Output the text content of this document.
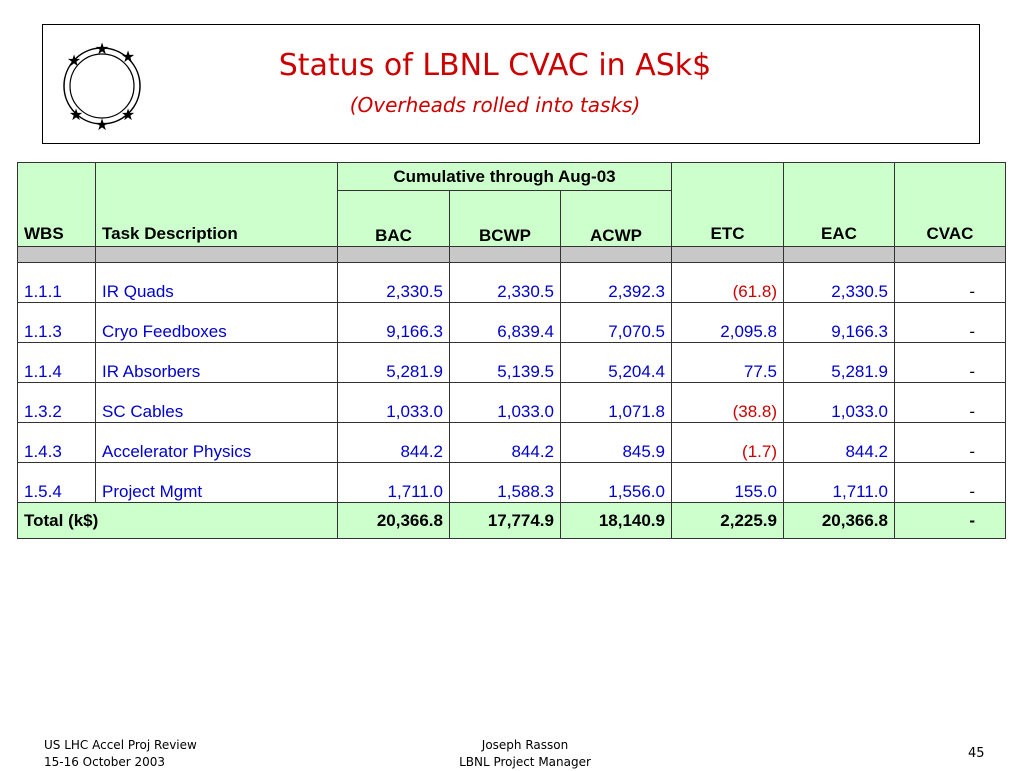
★
★ ★
★
★
★
Status of LBNL CVAC in ASk$
(Overheads rolled into tasks)
WBS	Task Description	Cumulative through Aug-03			ETC	EAC	CVAC
		BAC	BCWP	ACWP			

1.1.1	IR Quads	2,330.5	2,330.5	2,392.3	(61.8)	2,330.5	-
1.1.3	Cryo Feedboxes	9,166.3	6,839.4	7,070.5	2,095.8	9,166.3	-
1.1.4	IR Absorbers	5,281.9	5,139.5	5,204.4	77.5	5,281.9	-
1.3.2	SC Cables	1,033.0	1,033.0	1,071.8	(38.8)	1,033.0	-
1.4.3	Accelerator Physics	844.2	844.2	845.9	(1.7)	844.2	-
1.5.4	Project Mgmt	1,711.0	1,588.3	1,556.0	155.0	1,711.0	-
Total (k$)		20,366.8	17,774.9	18,140.9	2,225.9	20,366.8	-
US LHC Accel Proj Review
15-16 October 2003
Joseph Rasson
LBNL Project Manager
45
